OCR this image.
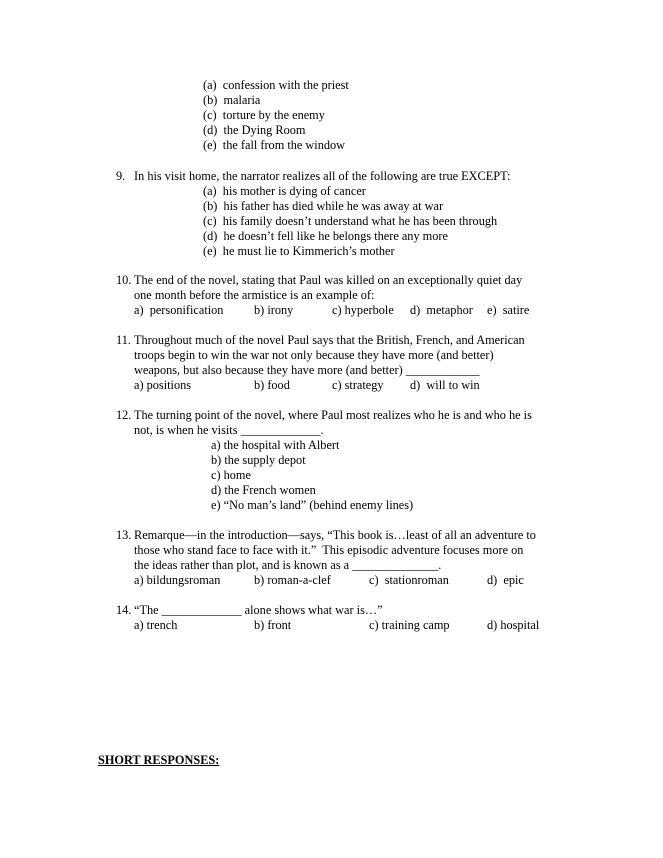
(a)  confession with the priest
(b)  malaria
(c)  torture by the enemy
(d)  the Dying Room
(e)  the fall from the window
9. In his visit home, the narrator realizes all of the following are true EXCEPT:
(a)  his mother is dying of cancer
(b)  his father has died while he was away at war
(c)  his family doesn’t understand what he has been through
(d)  he doesn’t fell like he belongs there any more
(e)  he must lie to Kimmerich’s mother
10. The end of the novel, stating that Paul was killed on an exceptionally quiet day
one month before the armistice is an example of:
a)  personification b) irony	c) hyperbole d)  metaphor e)  satire
11. Throughout much of the novel Paul says that the British, French, and American
troops begin to win the war not only because they have more (and better)
weapons, but also because they have more (and better) ____________
a) positions	b) food	c) strategy d)  will to win
12. The turning point of the novel, where Paul most realizes who he is and who he is
not, is when he visits _____________.
a) the hospital with Albert
b) the supply depot
c) home
d) the French women
e) “No man’s land” (behind enemy lines)
13. Remarque—in the introduction—says, “This book is…least of all an adventure to
those who stand face to face with it.”  This episodic adventure focuses more on
the ideas rather than plot, and is known as a ______________.
a) bildungsroman	b) roman-a-clef	c)  stationroman	d)  epic
14. “The _____________ alone shows what war is…”
a) trench	b) front	c) training camp	d) hospital
SHORT RESPONSES:
